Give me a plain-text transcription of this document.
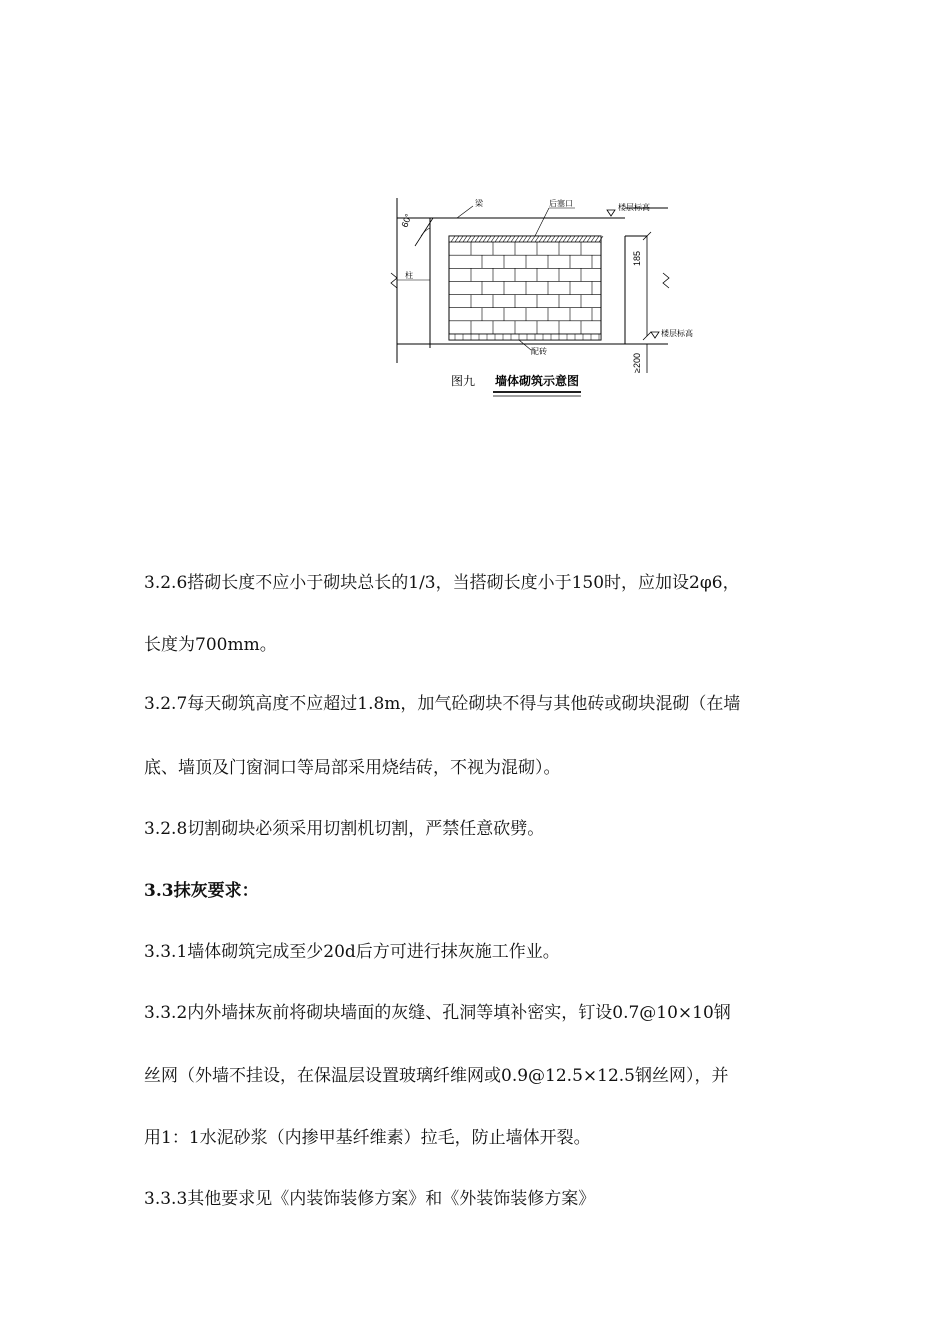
60°
梁	后塞口	楼层标高
柱
185
楼层标高
≥200
配砖
图九 墙体砌筑示意图

3.2.6搭砌长度不应小于砌块总长的1/3，当搭砌长度小于150时，应加设2φ6，

长度为700mm。

3.2.7每天砌筑高度不应超过1.8m，加气砼砌块不得与其他砖或砌块混砌（在墙

底、墙顶及门窗洞口等局部采用烧结砖，不视为混砌）。

3.2.8切割砌块必须采用切割机切割，严禁任意砍劈。

3.3抹灰要求：

3.3.1墙体砌筑完成至少20d后方可进行抹灰施工作业。

3.3.2内外墙抹灰前将砌块墙面的灰缝、孔洞等填补密实，钉设0.7@10×10钢

丝网（外墙不挂设，在保温层设置玻璃纤维网或0.9@12.5×12.5钢丝网），并

用1：1水泥砂浆（内掺甲基纤维素）拉毛，防止墙体开裂。

3.3.3其他要求见《内装饰装修方案》和《外装饰装修方案》
